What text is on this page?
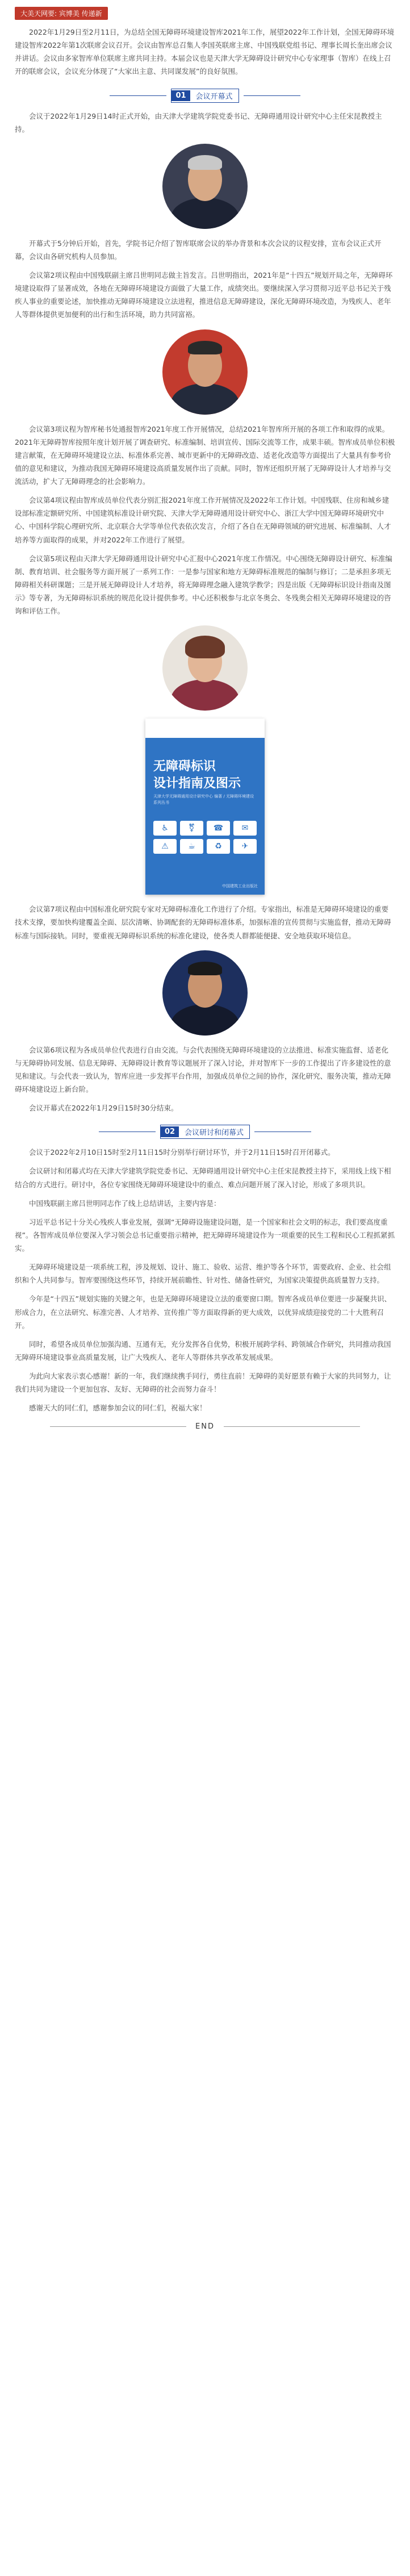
大美天网要: 宾博美 传递新

2022年1月29日至2月11日，为总结全国无障碍环境建设智库2021年工作，展望2022年工作计划，全国无障碍环境建设智库2022年第1次联席会议召开。会议由智库总召集人李国英联席主席、中国残联党组书记、理事长周长奎出席会议并讲话。会议由多家智库单位联席主席共同主持。本届会议也是天津大学无障碍设计研究中心专家理事（智库）在线上召开的联席会议，会议充分体现了“大家出主意、共同谋发展”的良好氛围。

01	会议开幕式

会议于2022年1月29日14时正式开始，由天津大学建筑学院党委书记、无障碍通用设计研究中心主任宋昆教授主持。

开幕式于5分钟后开始，首先，学院书记介绍了智库联席会议的举办背景和本次会议的议程安排，宣布会议正式开幕，会议由各研究机构人员参加。

会议第2项议程由中国残联副主席吕世明同志做主旨发言。吕世明指出，2021年是“十四五”规划开局之年，无障碍环境建设取得了显著成效，各地在无障碍环境建设方面做了大量工作，成绩突出。要继续深入学习贯彻习近平总书记关于残疾人事业的重要论述，加快推动无障碍环境建设立法进程，推进信息无障碍建设，深化无障碍环境改造，为残疾人、老年人等群体提供更加便利的出行和生活环境，助力共同富裕。

会议第3项议程为智库秘书处通报智库2021年度工作开展情况，总结2021年智库所开展的各项工作和取得的成果。2021年无障碍智库按照年度计划开展了调查研究、标准编制、培训宣传、国际交流等工作，成果丰硕。智库成员单位积极建言献策，在无障碍环境建设立法、标准体系完善、城市更新中的无障碍改造、适老化改造等方面提出了大量具有参考价值的意见和建议，为推动我国无障碍环境建设高质量发展作出了贡献。同时，智库还组织开展了无障碍设计人才培养与交流活动，扩大了无障碍理念的社会影响力。

会议第4项议程由智库成员单位代表分别汇报2021年度工作开展情况及2022年工作计划。中国残联、住房和城乡建设部标准定额研究所、中国建筑标准设计研究院、天津大学无障碍通用设计研究中心、浙江大学中国无障碍环境研究中心、中国科学院心理研究所、北京联合大学等单位代表依次发言，介绍了各自在无障碍领域的研究进展、标准编制、人才培养等方面取得的成果，并对2022年工作进行了展望。

会议第5项议程由天津大学无障碍通用设计研究中心汇报中心2021年度工作情况。中心围绕无障碍设计研究、标准编制、教育培训、社会服务等方面开展了一系列工作：一是参与国家和地方无障碍标准规范的编制与修订；二是承担多项无障碍相关科研课题；三是开展无障碍设计人才培养，将无障碍理念融入建筑学教学；四是出版《无障碍标识设计指南及图示》等专著，为无障碍标识系统的规范化设计提供参考。中心还积极参与北京冬奥会、冬残奥会相关无障碍环境建设的咨询和评估工作。

无障碍标识
设计指南及图示
天津大学无障碍通用设计研究中心 编著 / 无障碍环境建设系列丛书
♿	⚧	☎	✉
⚠	☕	♻	✈
中国建筑工业出版社

会议第7项议程由中国标准化研究院专家对无障碍标准化工作进行了介绍。专家指出，标准是无障碍环境建设的重要技术支撑，要加快构建覆盖全面、层次清晰、协调配套的无障碍标准体系，加强标准的宣传贯彻与实施监督，推动无障碍标准与国际接轨。同时，要重视无障碍标识系统的标准化建设，使各类人群都能便捷、安全地获取环境信息。

会议第6项议程为各成员单位代表进行自由交流。与会代表围绕无障碍环境建设的立法推进、标准实施监督、适老化与无障碍协同发展、信息无障碍、无障碍设计教育等议题展开了深入讨论，并对智库下一步的工作提出了许多建设性的意见和建议。与会代表一致认为，智库应进一步发挥平台作用，加强成员单位之间的协作，深化研究、服务决策，推动无障碍环境建设迈上新台阶。

会议开幕式在2022年1月29日15时30分结束。

02	会议研讨和闭幕式

会议于2022年2月10日15时至2月11日15时分别举行研讨环节，并于2月11日15时召开闭幕式。

会议研讨和闭幕式均在天津大学建筑学院党委书记、无障碍通用设计研究中心主任宋昆教授主持下，采用线上线下相结合的方式进行。研讨中，各位专家围绕无障碍环境建设中的重点、难点问题开展了深入讨论，形成了多项共识。

中国残联副主席吕世明同志作了线上总结讲话，主要内容是：

习近平总书记十分关心残疾人事业发展，强调“无障碍设施建设问题，是一个国家和社会文明的标志，我们要高度重视”。各智库成员单位要深入学习领会总书记重要指示精神，把无障碍环境建设作为一项重要的民生工程和民心工程抓紧抓实。

无障碍环境建设是一项系统工程，涉及规划、设计、施工、验收、运营、维护等各个环节，需要政府、企业、社会组织和个人共同参与。智库要围绕这些环节，持续开展前瞻性、针对性、储备性研究，为国家决策提供高质量智力支持。

今年是“十四五”规划实施的关键之年，也是无障碍环境建设立法的重要窗口期。智库各成员单位要进一步凝聚共识、形成合力，在立法研究、标准完善、人才培养、宣传推广等方面取得新的更大成效，以优异成绩迎接党的二十大胜利召开。

同时，希望各成员单位加强沟通、互通有无，充分发挥各自优势，积极开展跨学科、跨领域合作研究，共同推动我国无障碍环境建设事业高质量发展，让广大残疾人、老年人等群体共享改革发展成果。

为此向大家表示衷心感谢！新的一年，我们继续携手同行，勇往直前！无障碍的美好愿景有赖于大家的共同努力，让我们共同为建设一个更加包容、友好、无障碍的社会而努力奋斗！

感谢天大的同仁们，感谢参加会议的同仁们，祝福大家！

END
